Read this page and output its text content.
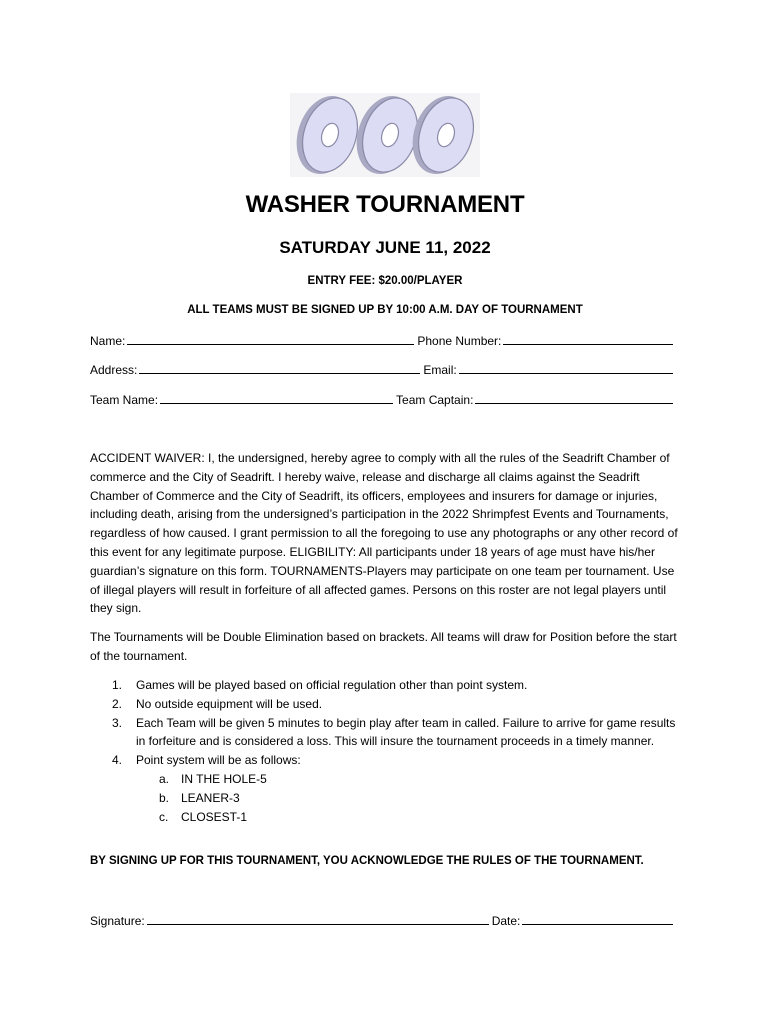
WASHER TOURNAMENT
SATURDAY JUNE 11, 2022
ENTRY FEE: $20.00/PLAYER
ALL TEAMS MUST BE SIGNED UP BY 10:00 A.M. DAY OF TOURNAMENT
Name:	Phone Number:
Address:	Email:
Team Name:	Team Captain:
ACCIDENT WAIVER: I, the undersigned, hereby agree to comply with all the rules of the Seadrift Chamber of commerce and the City of Seadrift. I hereby waive, release and discharge all claims against the Seadrift Chamber of Commerce and the City of Seadrift, its officers, employees and insurers for damage or injuries, including death, arising from the undersigned’s participation in the 2022 Shrimpfest Events and Tournaments, regardless of how caused. I grant permission to all the foregoing to use any photographs or any other record of this event for any legitimate purpose. ELIGBILITY: All participants under 18 years of age must have his/her guardian’s signature on this form. TOURNAMENTS-Players may participate on one team per tournament. Use of illegal players will result in forfeiture of all affected games. Persons on this roster are not legal players until they sign.
The Tournaments will be Double Elimination based on brackets. All teams will draw for Position before the start of the tournament.
1. Games will be played based on official regulation other than point system.
2. No outside equipment will be used.
3. Each Team will be given 5 minutes to begin play after team in called. Failure to arrive for game results in forfeiture and is considered a loss. This will insure the tournament proceeds in a timely manner.
4. Point system will be as follows:
a. IN THE HOLE-5
b. LEANER-3
c. CLOSEST-1
BY SIGNING UP FOR THIS TOURNAMENT, YOU ACKNOWLEDGE THE RULES OF THE TOURNAMENT.
Signature:	Date:
